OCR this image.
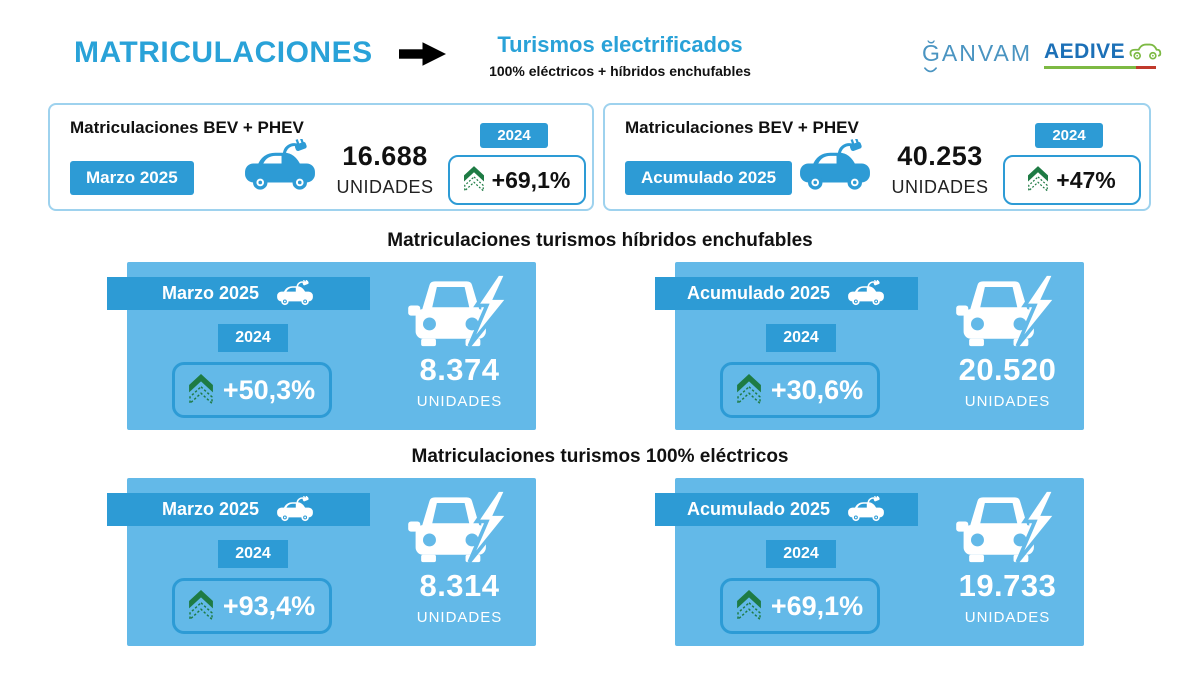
MATRICULACIONES	Turismos electrificados
100% eléctricos + híbridos enchufables
ĞANVAM AEDIVE
Matriculaciones BEV + PHEV
Marzo 2025
16.688
UNIDADES
2024
+69,1%
Matriculaciones BEV + PHEV
Acumulado 2025
40.253
UNIDADES
2024
+47%
Matriculaciones turismos híbridos enchufables
Marzo 2025
2024
+50,3%
8.374
UNIDADES
Acumulado 2025
2024
+30,6%
20.520
UNIDADES
Matriculaciones turismos 100% eléctricos
Marzo 2025
2024
+93,4%
8.314
UNIDADES
Acumulado 2025
2024
+69,1%
19.733
UNIDADES
